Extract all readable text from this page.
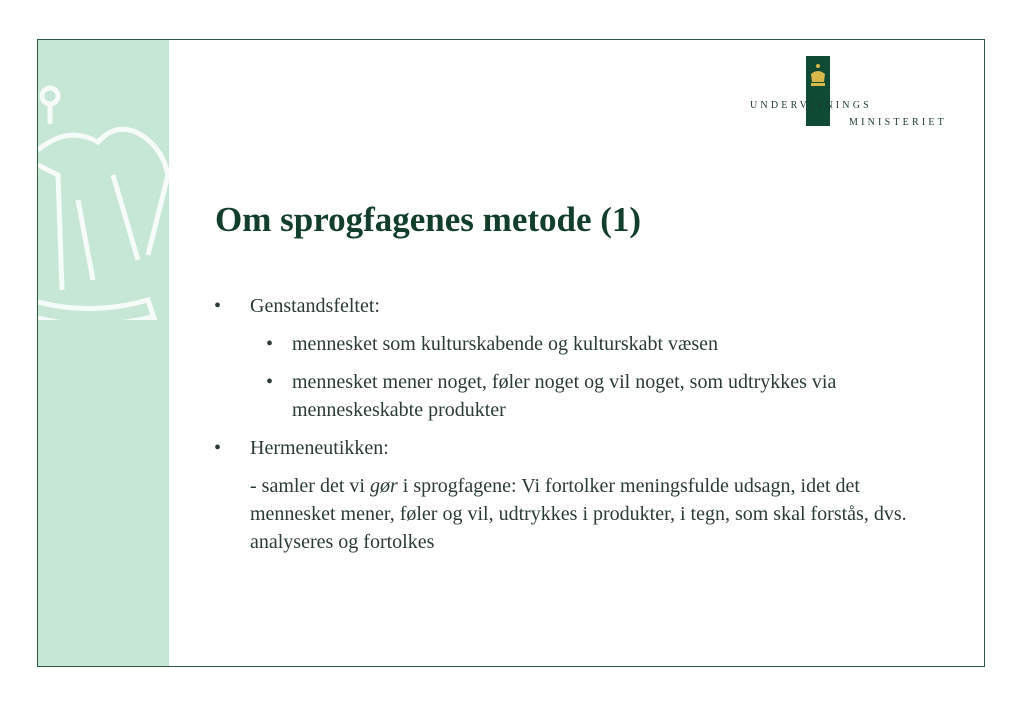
UNDERVISNINGS
MINISTERIET
Om sprogfagenes metode (1)
• Genstandsfeltet:
• mennesket som kulturskabende og kulturskabt væsen
• mennesket mener noget, føler noget og vil noget, som udtrykkes via menneskeskabte produkter
• Hermeneutikken:
- samler det vi gør i sprogfagene: Vi fortolker meningsfulde udsagn, idet det mennesket mener, føler og vil, udtrykkes i produkter, i tegn, som skal forstås, dvs. analyseres og fortolkes
